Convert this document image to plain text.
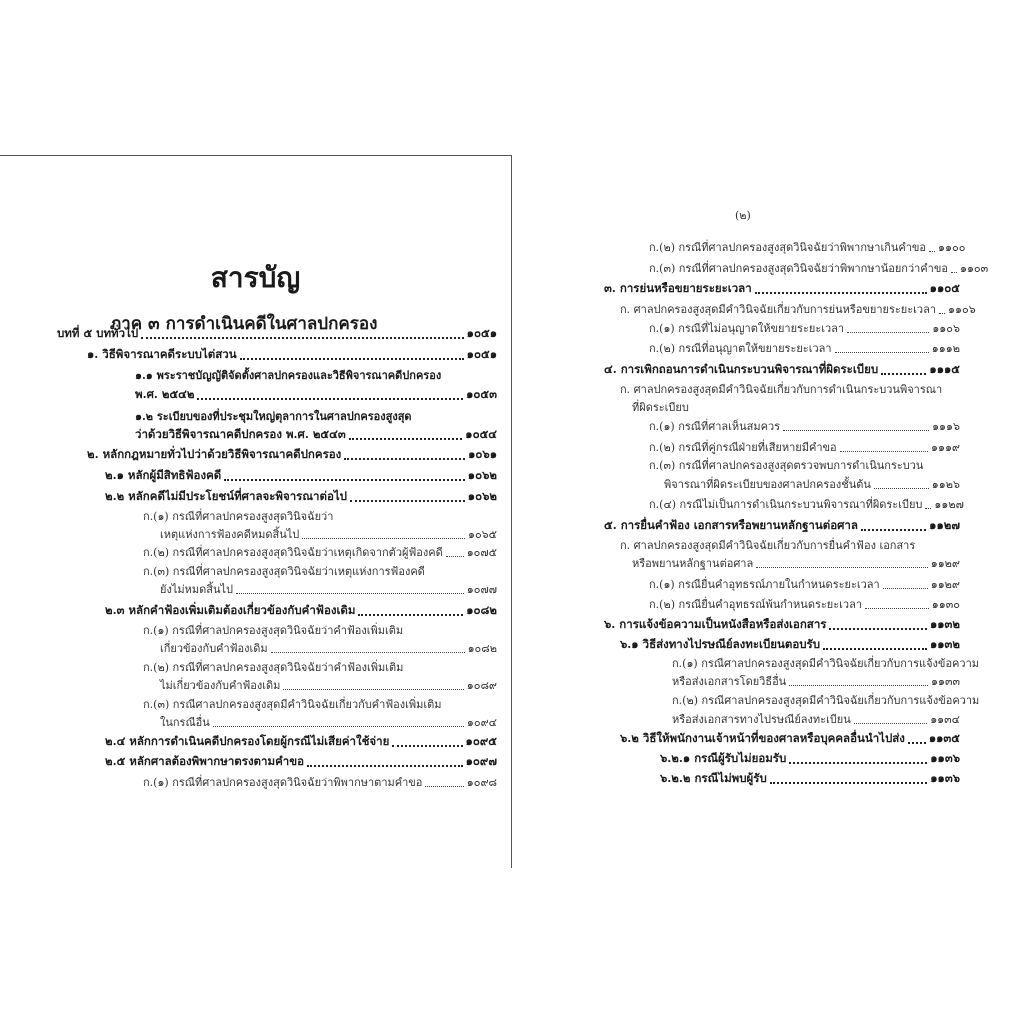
สารบัญ
ภาค ๓ การดำเนินคดีในศาลปกครอง
(๒)
บทที่ ๕ บททั่วไป	๑๐๕๑
๑. วิธีพิจารณาคดีระบบไต่สวน	๑๐๕๑
๑.๑ พระราชบัญญัติจัดตั้งศาลปกครองและวิธีพิจารณาคดีปกครอง
พ.ศ. ๒๕๔๒	๑๐๕๓
๑.๒ ระเบียบของที่ประชุมใหญ่ตุลาการในศาลปกครองสูงสุด
ว่าด้วยวิธีพิจารณาคดีปกครอง พ.ศ. ๒๕๔๓	๑๐๕๔
๒. หลักกฎหมายทั่วไปว่าด้วยวิธีพิจารณาคดีปกครอง	๑๐๖๑
๒.๑ หลักผู้มีสิทธิฟ้องคดี	๑๐๖๒
๒.๒ หลักคดีไม่มีประโยชน์ที่ศาลจะพิจารณาต่อไป	๑๐๖๒
ก.(๑) กรณีที่ศาลปกครองสูงสุดวินิจฉัยว่า
เหตุแห่งการฟ้องคดีหมดสิ้นไป	๑๐๖๕
ก.(๒) กรณีที่ศาลปกครองสูงสุดวินิจฉัยว่าเหตุเกิดจากตัวผู้ฟ้องคดี ๑๐๗๕
ก.(๓) กรณีที่ศาลปกครองสูงสุดวินิจฉัยว่าเหตุแห่งการฟ้องคดี
ยังไม่หมดสิ้นไป	๑๐๗๗
๒.๓ หลักคำฟ้องเพิ่มเติมต้องเกี่ยวข้องกับคำฟ้องเดิม	๑๐๘๒
ก.(๑) กรณีที่ศาลปกครองสูงสุดวินิจฉัยว่าคำฟ้องเพิ่มเติม
เกี่ยวข้องกับคำฟ้องเดิม	๑๐๘๒
ก.(๒) กรณีที่ศาลปกครองสูงสุดวินิจฉัยว่าคำฟ้องเพิ่มเติม
ไม่เกี่ยวข้องกับคำฟ้องเดิม	๑๐๘๙
ก.(๓) กรณีศาลปกครองสูงสุดมีคำวินิจฉัยเกี่ยวกับคำฟ้องเพิ่มเติม
ในกรณีอื่น	๑๐๙๔
๒.๔ หลักการดำเนินคดีปกครองโดยผู้กรณีไม่เสียค่าใช้จ่าย	๑๐๙๕
๒.๕ หลักศาลต้องพิพากษาตรงตามคำขอ	๑๐๙๗
ก.(๑) กรณีที่ศาลปกครองสูงสุดวินิจฉัยว่าพิพากษาตามคำขอ	๑๐๙๘
ก.(๒) กรณีที่ศาลปกครองสูงสุดวินิจฉัยว่าพิพากษาเกินคำขอ ๑๑๐๐
ก.(๓) กรณีที่ศาลปกครองสูงสุดวินิจฉัยว่าพิพากษาน้อยกว่าคำขอ ๑๑๐๓
๓. การย่นหรือขยายระยะเวลา	๑๑๐๕
ก. ศาลปกครองสูงสุดมีคำวินิจฉัยเกี่ยวกับการย่นหรือขยายระยะเวลา ๑๑๐๖
ก.(๑) กรณีที่ไม่อนุญาตให้ขยายระยะเวลา	๑๑๐๖
ก.(๒) กรณีที่อนุญาตให้ขยายระยะเวลา	๑๑๑๒
๔. การเพิกถอนการดำเนินกระบวนพิจารณาที่ผิดระเบียบ	๑๑๑๕
ก. ศาลปกครองสูงสุดมีคำวินิจฉัยเกี่ยวกับการดำเนินกระบวนพิจารณา
ที่ผิดระเบียบ
ก.(๑) กรณีที่ศาลเห็นสมควร	๑๑๑๖
ก.(๒) กรณีที่คู่กรณีฝ่ายที่เสียหายมีคำขอ	๑๑๑๙
ก.(๓) กรณีที่ศาลปกครองสูงสุดตรวจพบการดำเนินกระบวน
พิจารณาที่ผิดระเบียบของศาลปกครองชั้นต้น	๑๑๒๖
ก.(๔) กรณีไม่เป็นการดำเนินกระบวนพิจารณาที่ผิดระเบียบ ๑๑๒๗
๕. การยื่นคำฟ้อง เอกสารหรือพยานหลักฐานต่อศาล	๑๑๒๗
ก. ศาลปกครองสูงสุดมีคำวินิจฉัยเกี่ยวกับการยื่นคำฟ้อง เอกสาร
หรือพยานหลักฐานต่อศาล	๑๑๒๙
ก.(๑) กรณียื่นคำอุทธรณ์ภายในกำหนดระยะเวลา	๑๑๒๙
ก.(๒) กรณียื่นคำอุทธรณ์พ้นกำหนดระยะเวลา	๑๑๓๐
๖. การแจ้งข้อความเป็นหนังสือหรือส่งเอกสาร	๑๑๓๒
๖.๑ วิธีส่งทางไปรษณีย์ลงทะเบียนตอบรับ	๑๑๓๒
ก.(๑) กรณีศาลปกครองสูงสุดมีคำวินิจฉัยเกี่ยวกับการแจ้งข้อความ
หรือส่งเอกสารโดยวิธีอื่น	๑๑๓๓
ก.(๒) กรณีศาลปกครองสูงสุดมีคำวินิจฉัยเกี่ยวกับการแจ้งข้อความ
หรือส่งเอกสารทางไปรษณีย์ลงทะเบียน	๑๑๓๔
๖.๒ วิธีให้พนักงานเจ้าหน้าที่ของศาลหรือบุคคลอื่นนำไปส่ง ๑๑๓๕
๖.๒.๑ กรณีผู้รับไม่ยอมรับ	๑๑๓๖
๖.๒.๒ กรณีไม่พบผู้รับ	๑๑๓๖
